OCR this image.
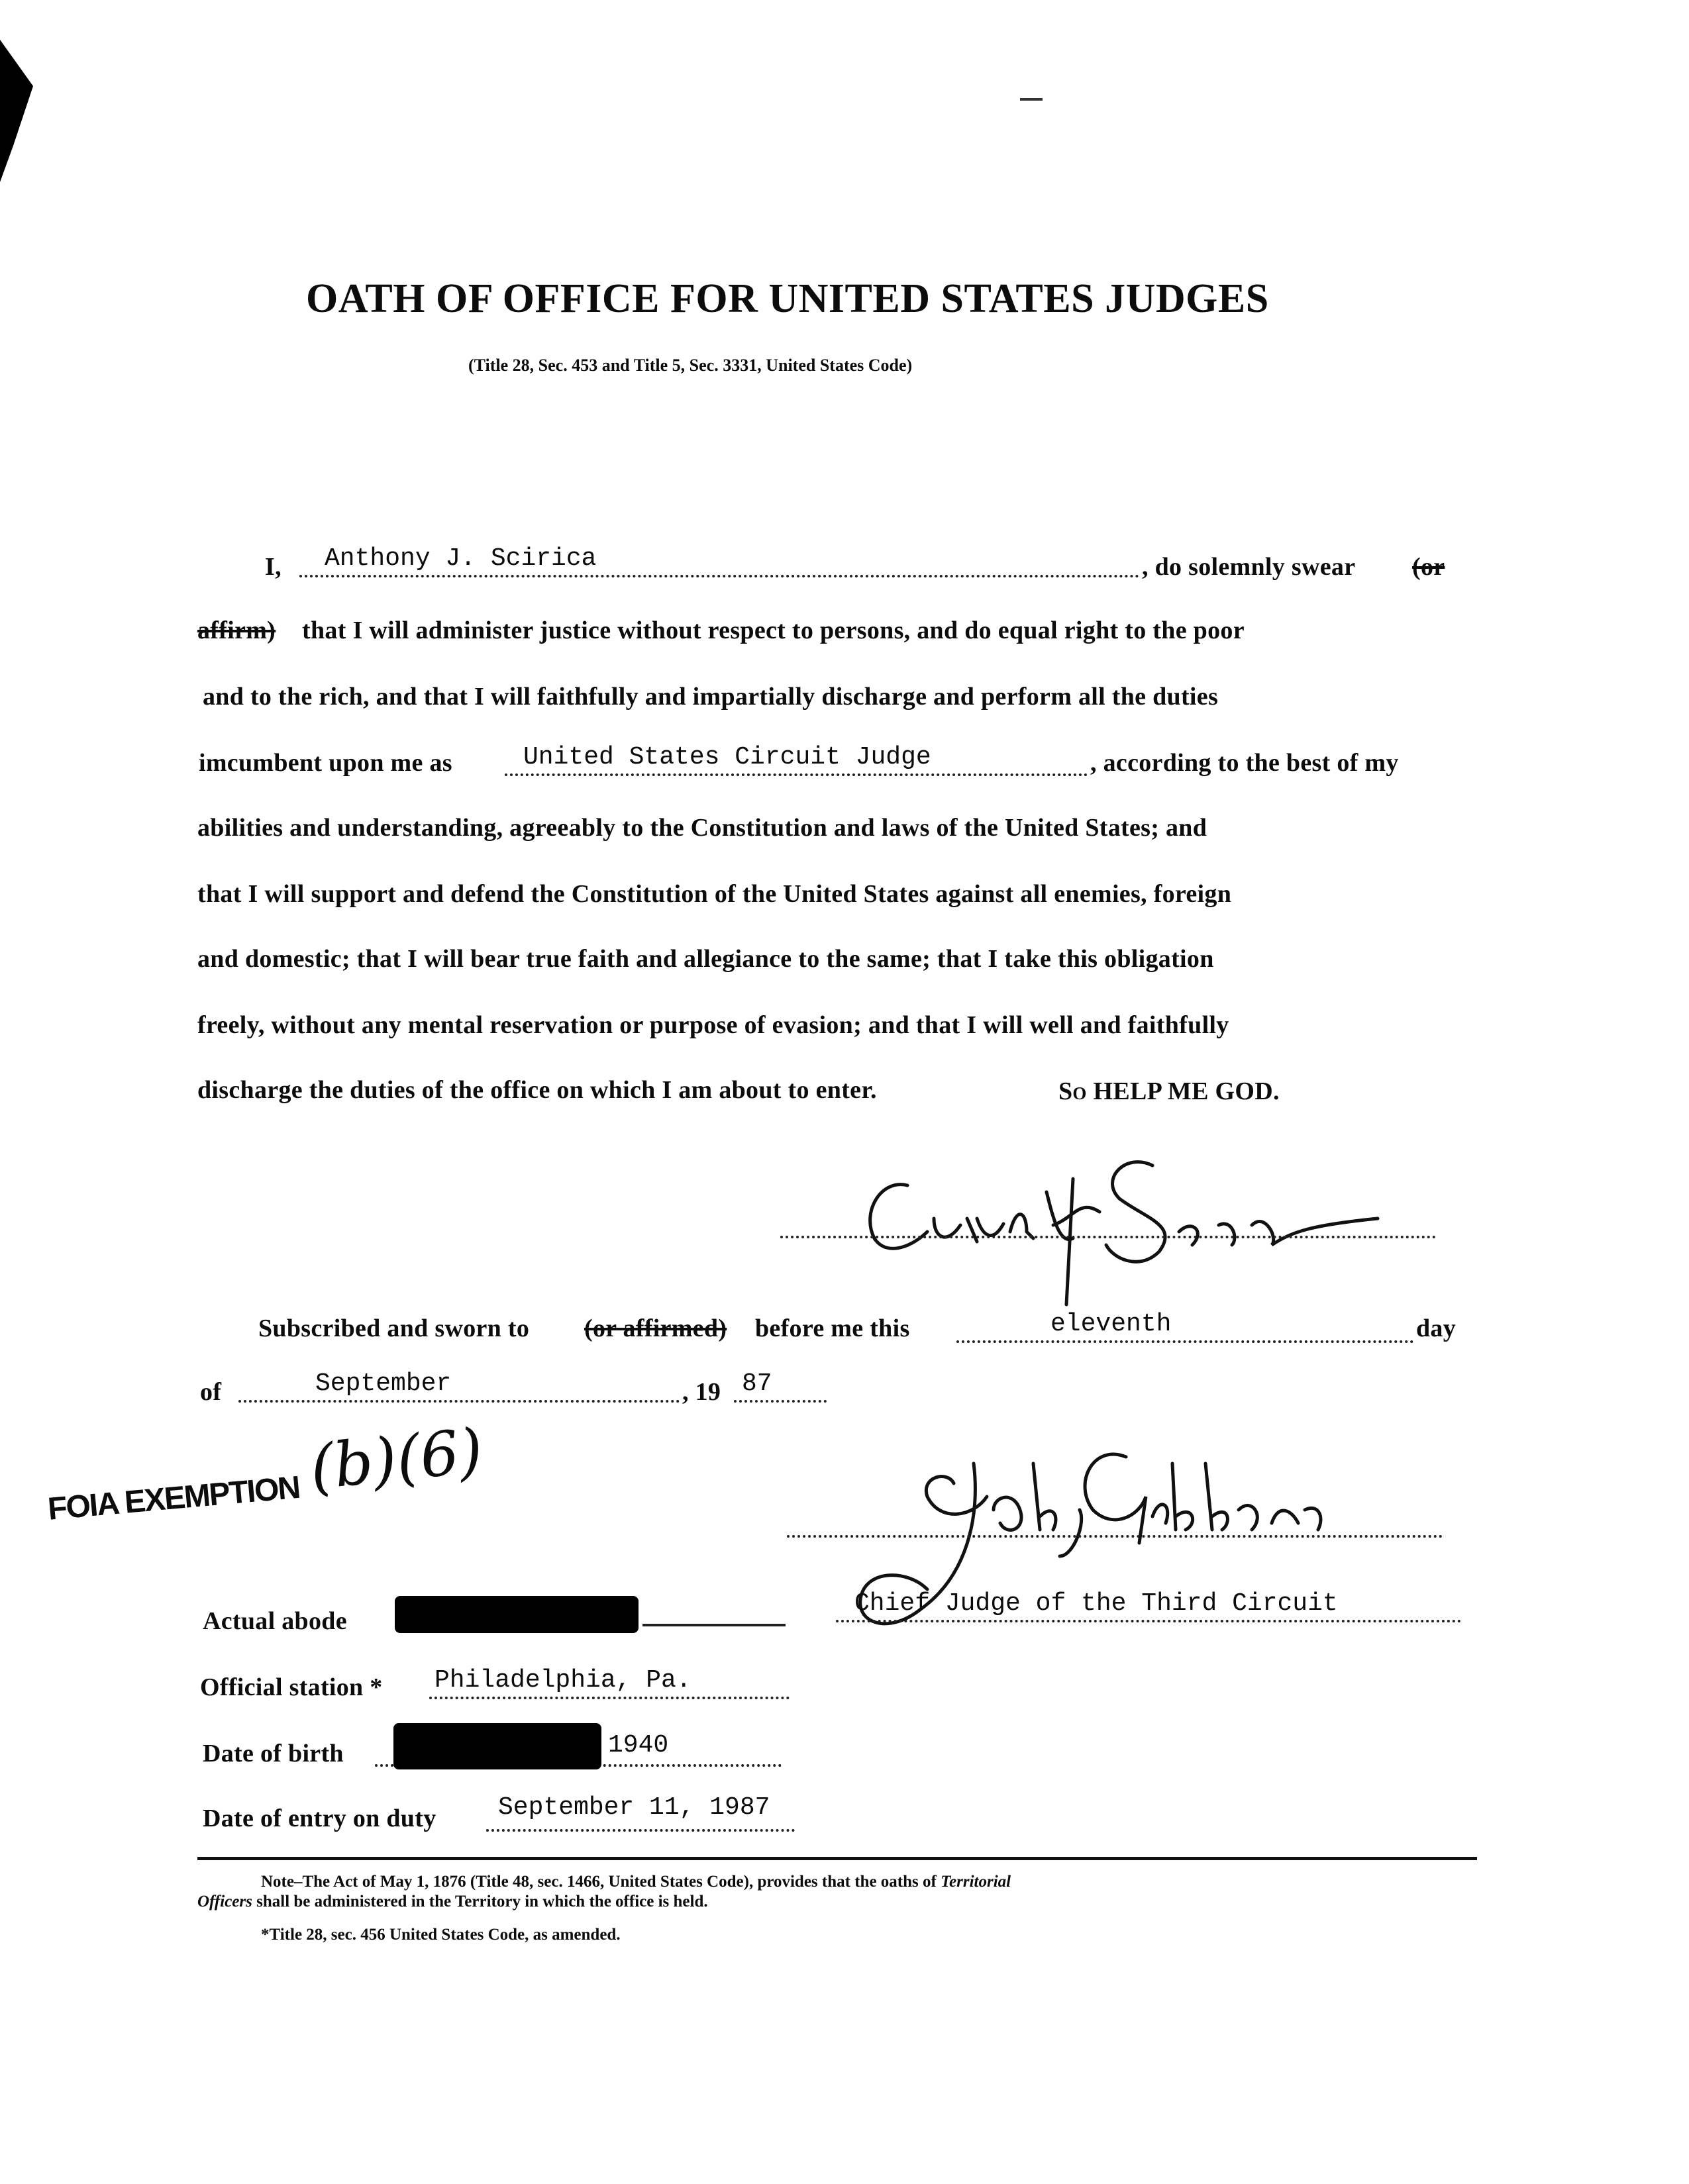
OATH OF OFFICE FOR UNITED STATES JUDGES
(Title 28, Sec. 453 and Title 5, Sec. 3331, United States Code)
I, Anthony J. Scirica	, do solemnly swear (or
affirm) that I will administer justice without respect to persons, and do equal right to the poor
and to the rich, and that I will faithfully and impartially discharge and perform all the duties
imcumbent upon me as	United States Circuit Judge	, according to the best of my
abilities and understanding, agreeably to the Constitution and laws of the United States; and
that I will support and defend the Constitution of the United States against all enemies, foreign
and domestic; that I will bear true faith and allegiance to the same; that I take this obligation
freely, without any mental reservation or purpose of evasion; and that I will well and faithfully
discharge the duties of the office on which I am about to enter.	So HELP ME GOD.
Subscribed and sworn to (or affirmed) before me this	eleventh	day
of	September	, 19 87
FOIA EXEMPTION (b)(6)
Chief Judge of the Third Circuit
Actual abode
Official station * Philadelphia, Pa.
Date of birth	1940
Date of entry on duty September 11, 1987
Note–The Act of May 1, 1876 (Title 48, sec. 1466, United States Code), provides that the oaths of Territorial
Officers shall be administered in the Territory in which the office is held.
*Title 28, sec. 456 United States Code, as amended.
